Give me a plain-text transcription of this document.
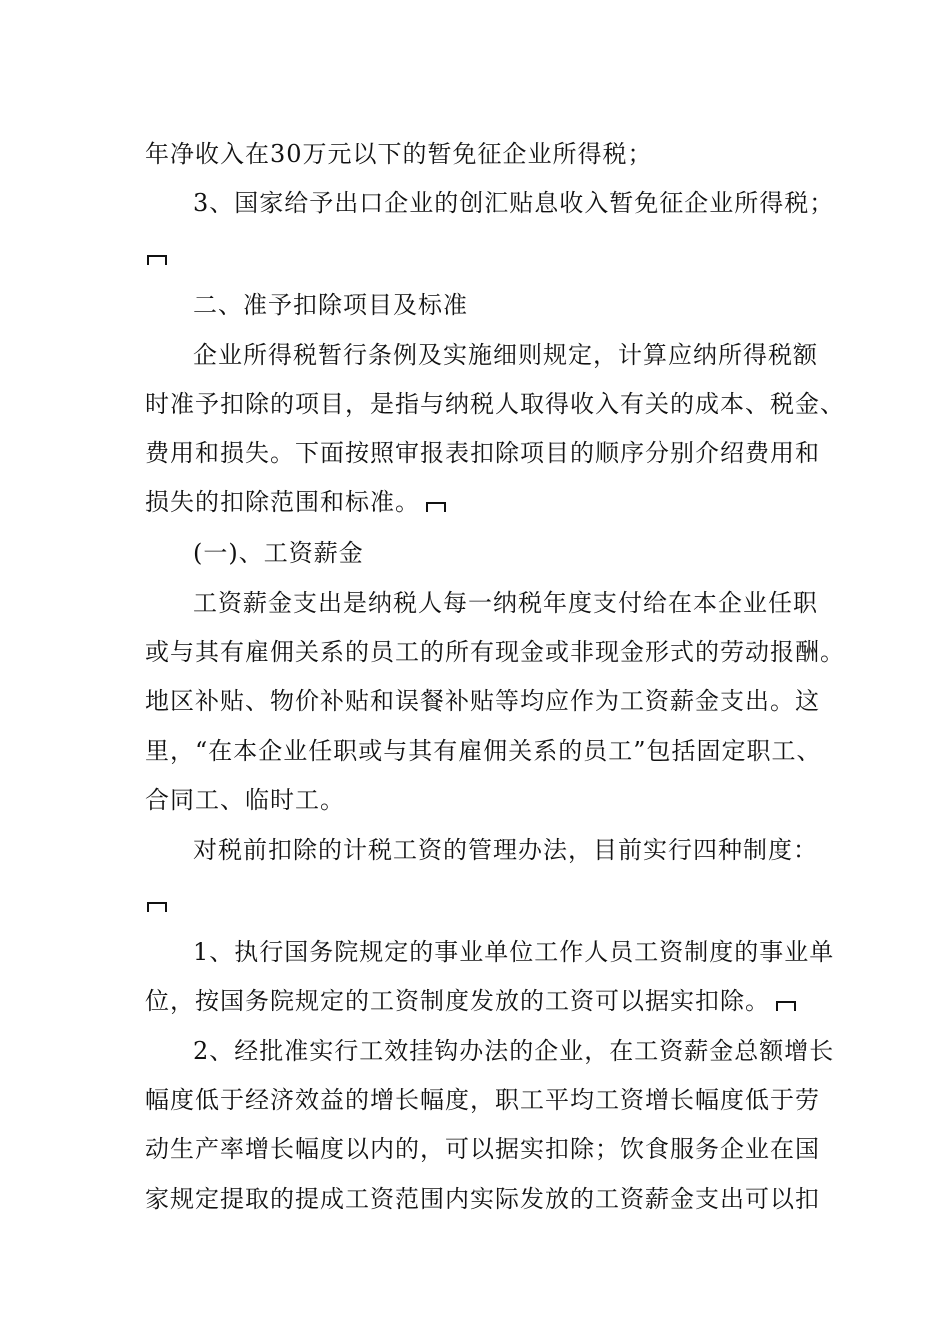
年净收入在30万元以下的暂免征企业所得税；
3、国家给予出口企业的创汇贴息收入暂免征企业所得税；
二、准予扣除项目及标准
企业所得税暂行条例及实施细则规定，计算应纳所得税额
时准予扣除的项目，是指与纳税人取得收入有关的成本、税金、
费用和损失。下面按照审报表扣除项目的顺序分别介绍费用和
损失的扣除范围和标准。
(一)、工资薪金
工资薪金支出是纳税人每一纳税年度支付给在本企业任职
或与其有雇佣关系的员工的所有现金或非现金形式的劳动报酬。
地区补贴、物价补贴和误餐补贴等均应作为工资薪金支出。这
里，“在本企业任职或与其有雇佣关系的员工”包括固定职工、
合同工、临时工。
对税前扣除的计税工资的管理办法，目前实行四种制度：
1、执行国务院规定的事业单位工作人员工资制度的事业单
位，按国务院规定的工资制度发放的工资可以据实扣除。
2、经批准实行工效挂钩办法的企业，在工资薪金总额增长
幅度低于经济效益的增长幅度，职工平均工资增长幅度低于劳
动生产率增长幅度以内的，可以据实扣除；饮食服务企业在国
家规定提取的提成工资范围内实际发放的工资薪金支出可以扣
